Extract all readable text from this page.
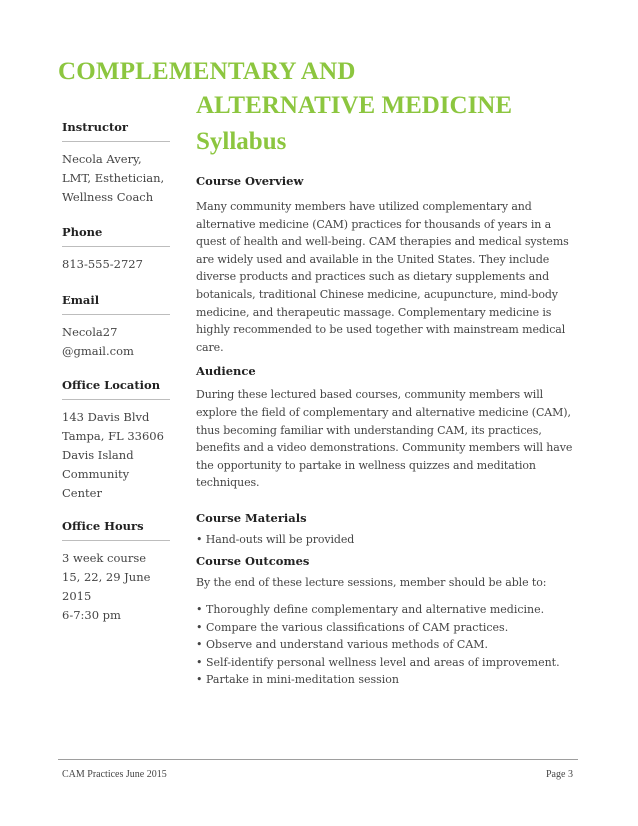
COMPLEMENTARY AND
ALTERNATIVE MEDICINE
Syllabus
Instructor
Necola Avery,
LMT, Esthetician,
Wellness Coach
Phone
813-555-2727
Email
Necola27
@gmail.com
Office Location
143 Davis Blvd
Tampa, FL 33606
Davis Island
Community
Center
Office Hours
3 week course
15, 22, 29 June
2015
6-7:30 pm
Course Overview

Many community members have utilized complementary and alternative medicine (CAM) practices for thousands of years in a quest of health and well-being. CAM therapies and medical systems are widely used and available in the United States. They include diverse products and practices such as dietary supplements and botanicals, traditional Chinese medicine, acupuncture, mind-body medicine, and therapeutic massage. Complementary medicine is highly recommended to be used together with mainstream medical care.

Audience

During these lectured based courses, community members will explore the field of complementary and alternative medicine (CAM), thus becoming familiar with understanding CAM, its practices, benefits and a video demonstrations. Community members will have the opportunity to partake in wellness quizzes and meditation techniques.

Course Materials

• Hand-outs will be provided

Course Outcomes

By the end of these lecture sessions, member should be able to:

• Thoroughly define complementary and alternative medicine.
• Compare the various classifications of CAM practices.
• Observe and understand various methods of CAM.
• Self-identify personal wellness level and areas of improvement.
• Partake in mini-meditation session
CAM Practices June 2015	Page 3
